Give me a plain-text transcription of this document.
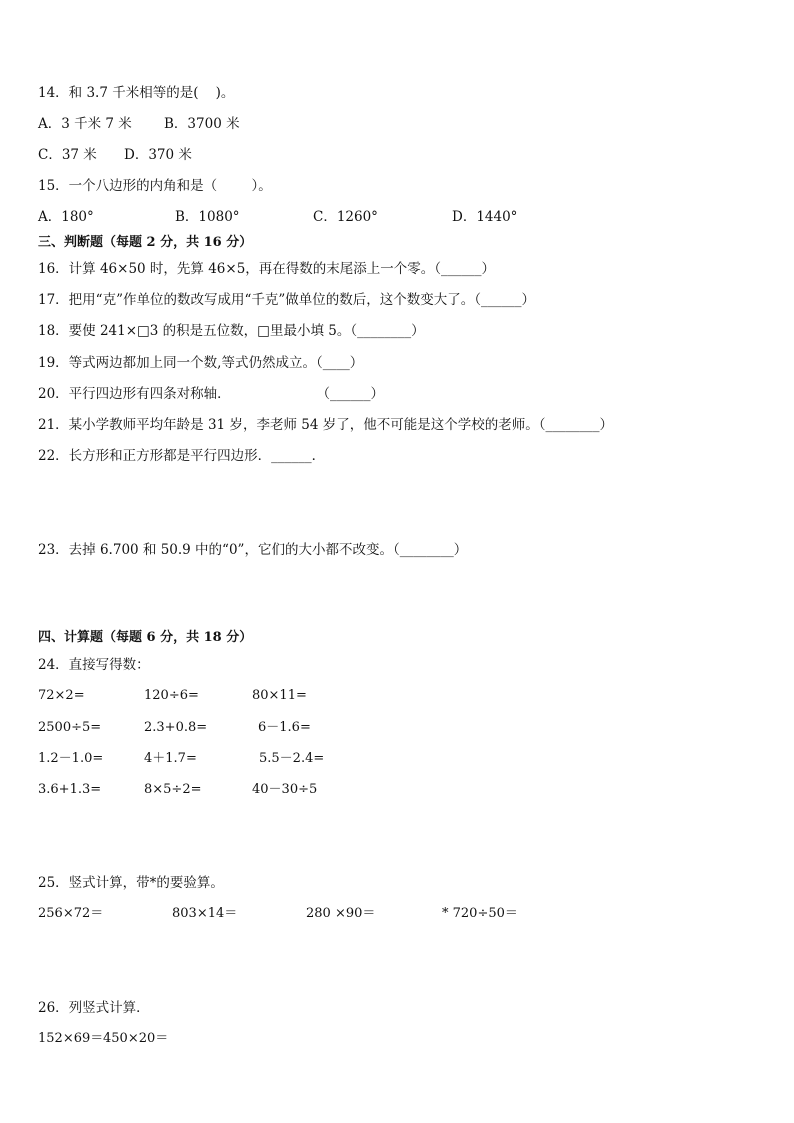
14．和 3.7 千米相等的是(    )。
A．3 千米 7 米 B．3700 米
C．37 米 D．370 米
15．一个八边形的内角和是（        ）。
A．180°	B．1080°	C．1260°	D．1440°
三、判断题（每题 2 分，共 16 分）
16．计算 46×50 时，先算 46×5，再在得数的末尾添上一个零。（______）
17．把用“克”作单位的数改写成用“千克”做单位的数后，这个数变大了。（______）
18．要使 241×□3 的积是五位数，□里最小填 5。（________）
19．等式两边都加上同一个数,等式仍然成立。（____）
20．平行四边形有四条对称轴．                    （______）
21．某小学教师平均年龄是 31 岁，李老师 54 岁了，他不可能是这个学校的老师。（________）
22．长方形和正方形都是平行四边形．______．
23．去掉 6.700 和 50.9 中的“0”，它们的大小都不改变。（________）
四、计算题（每题 6 分，共 18 分）
24．直接写得数：
72×2=	120÷6=	80×11=
2500÷5=	2.3+0.8=	6－1.6=
1.2－1.0=	4＋1.7=	5.5－2.4=
3.6+1.3=	8×5÷2=	40－30÷5
25．竖式计算，带*的要验算。
256×72＝	803×14＝	280 ×90＝	* 720÷50＝
26．列竖式计算．
152×69＝ 450×20＝
